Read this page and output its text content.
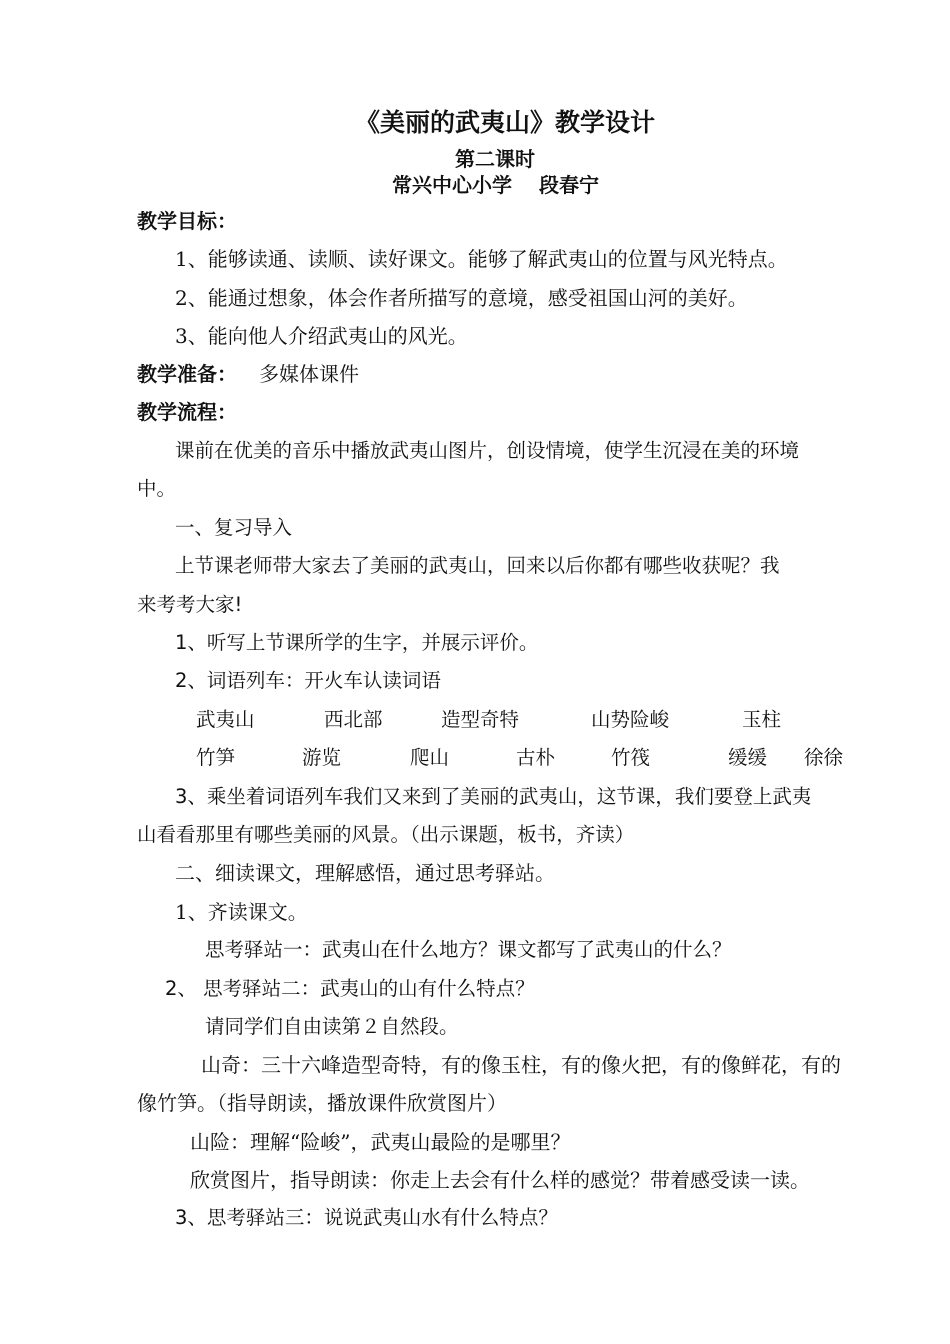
《美丽的武夷山》教学设计
第二课时
常兴中心小学　 段春宁
教学目标：
1、能够读通、读顺、读好课文。能够了解武夷山的位置与风光特点。
2、能通过想象，体会作者所描写的意境，感受祖国山河的美好。
3、能向他人介绍武夷山的风光。
教学准备： 多媒体课件
教学流程：
课前在优美的音乐中播放武夷山图片，创设情境，使学生沉浸在美的环境
中。
一、复习导入
上节课老师带大家去了美丽的武夷山，回来以后你都有哪些收获呢？我
来考考大家!
1、听写上节课所学的生字，并展示评价。
2、词语列车：开火车认读词语
武夷山	西北部	造型奇特	山势险峻	玉柱
竹笋	游览	爬山	古朴	竹筏	缓缓 徐徐
3、乘坐着词语列车我们又来到了美丽的武夷山，这节课，我们要登上武夷
山看看那里有哪些美丽的风景。（出示课题，板书，齐读）
二、细读课文，理解感悟，通过思考驿站。
1、齐读课文。
思考驿站一：武夷山在什么地方？课文都写了武夷山的什么？
2、 思考驿站二：武夷山的山有什么特点？
请同学们自由读第２自然段。
山奇：三十六峰造型奇特，有的像玉柱，有的像火把，有的像鲜花，有的
像竹笋。（指导朗读，播放课件欣赏图片）
山险：理解“险峻”，武夷山最险的是哪里？
欣赏图片，指导朗读：你走上去会有什么样的感觉？带着感受读一读。
3、思考驿站三：说说武夷山水有什么特点？
